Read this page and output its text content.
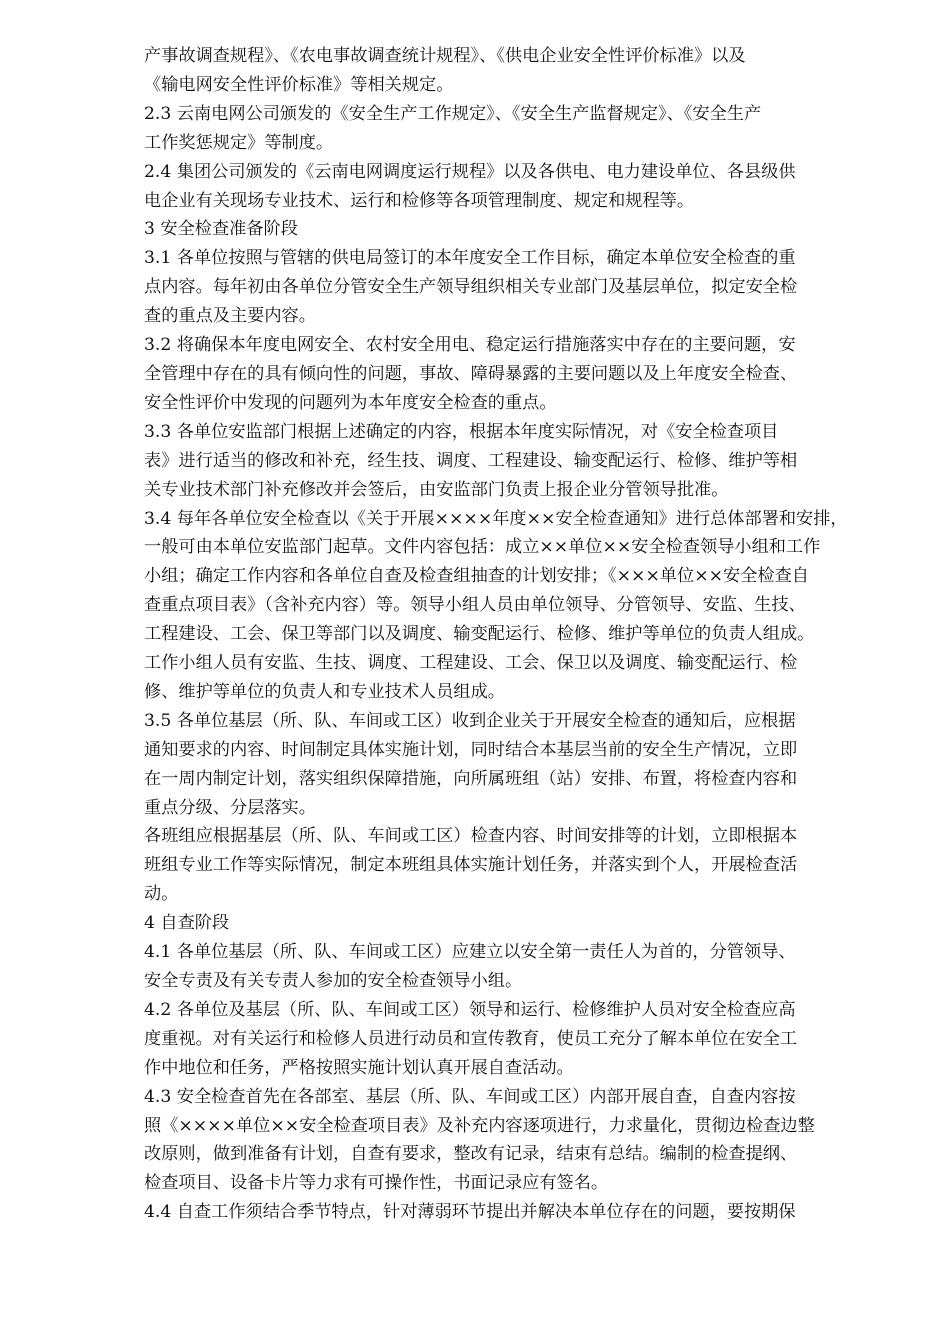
产事故调查规程》、《农电事故调查统计规程》、《供电企业安全性评价标准》以及
《输电网安全性评价标准》等相关规定。
2.3 云南电网公司颁发的《安全生产工作规定》、《安全生产监督规定》、《安全生产
工作奖惩规定》等制度。
2.4 集团公司颁发的《云南电网调度运行规程》以及各供电、电力建设单位、各县级供
电企业有关现场专业技术、运行和检修等各项管理制度、规定和规程等。
3 安全检查准备阶段
3.1 各单位按照与管辖的供电局签订的本年度安全工作目标，确定本单位安全检查的重
点内容。每年初由各单位分管安全生产领导组织相关专业部门及基层单位，拟定安全检
查的重点及主要内容。
3.2 将确保本年度电网安全、农村安全用电、稳定运行措施落实中存在的主要问题，安
全管理中存在的具有倾向性的问题，事故、障碍暴露的主要问题以及上年度安全检查、
安全性评价中发现的问题列为本年度安全检查的重点。
3.3 各单位安监部门根据上述确定的内容，根据本年度实际情况，对《安全检查项目
表》进行适当的修改和补充，经生技、调度、工程建设、输变配运行、检修、维护等相
关专业技术部门补充修改并会签后，由安监部门负责上报企业分管领导批准。
3.4 每年各单位安全检查以《关于开展××××年度××安全检查通知》进行总体部署和安排，
一般可由本单位安监部门起草。文件内容包括：成立××单位××安全检查领导小组和工作
小组；确定工作内容和各单位自查及检查组抽查的计划安排；《×××单位××安全检查自
查重点项目表》（含补充内容）等。领导小组人员由单位领导、分管领导、安监、生技、
工程建设、工会、保卫等部门以及调度、输变配运行、检修、维护等单位的负责人组成。
工作小组人员有安监、生技、调度、工程建设、工会、保卫以及调度、输变配运行、检
修、维护等单位的负责人和专业技术人员组成。
3.5 各单位基层（所、队、车间或工区）收到企业关于开展安全检查的通知后，应根据
通知要求的内容、时间制定具体实施计划，同时结合本基层当前的安全生产情况，立即
在一周内制定计划，落实组织保障措施，向所属班组（站）安排、布置，将检查内容和
重点分级、分层落实。
各班组应根据基层（所、队、车间或工区）检查内容、时间安排等的计划，立即根据本
班组专业工作等实际情况，制定本班组具体实施计划任务，并落实到个人，开展检查活
动。
4 自查阶段
4.1 各单位基层（所、队、车间或工区）应建立以安全第一责任人为首的，分管领导、
安全专责及有关专责人参加的安全检查领导小组。
4.2 各单位及基层（所、队、车间或工区）领导和运行、检修维护人员对安全检查应高
度重视。对有关运行和检修人员进行动员和宣传教育，使员工充分了解本单位在安全工
作中地位和任务，严格按照实施计划认真开展自查活动。
4.3 安全检查首先在各部室、基层（所、队、车间或工区）内部开展自查，自查内容按
照《××××单位××安全检查项目表》及补充内容逐项进行，力求量化，贯彻边检查边整
改原则，做到准备有计划，自查有要求，整改有记录，结束有总结。编制的检查提纲、
检查项目、设备卡片等力求有可操作性，书面记录应有签名。
4.4 自查工作须结合季节特点，针对薄弱环节提出并解决本单位存在的问题，要按期保
